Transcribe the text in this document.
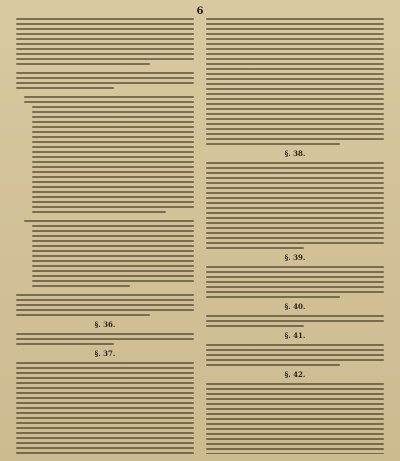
6

§. 36.
§. 37.
§. 38.
§. 39.
§. 40.
§. 41.
§. 42.
